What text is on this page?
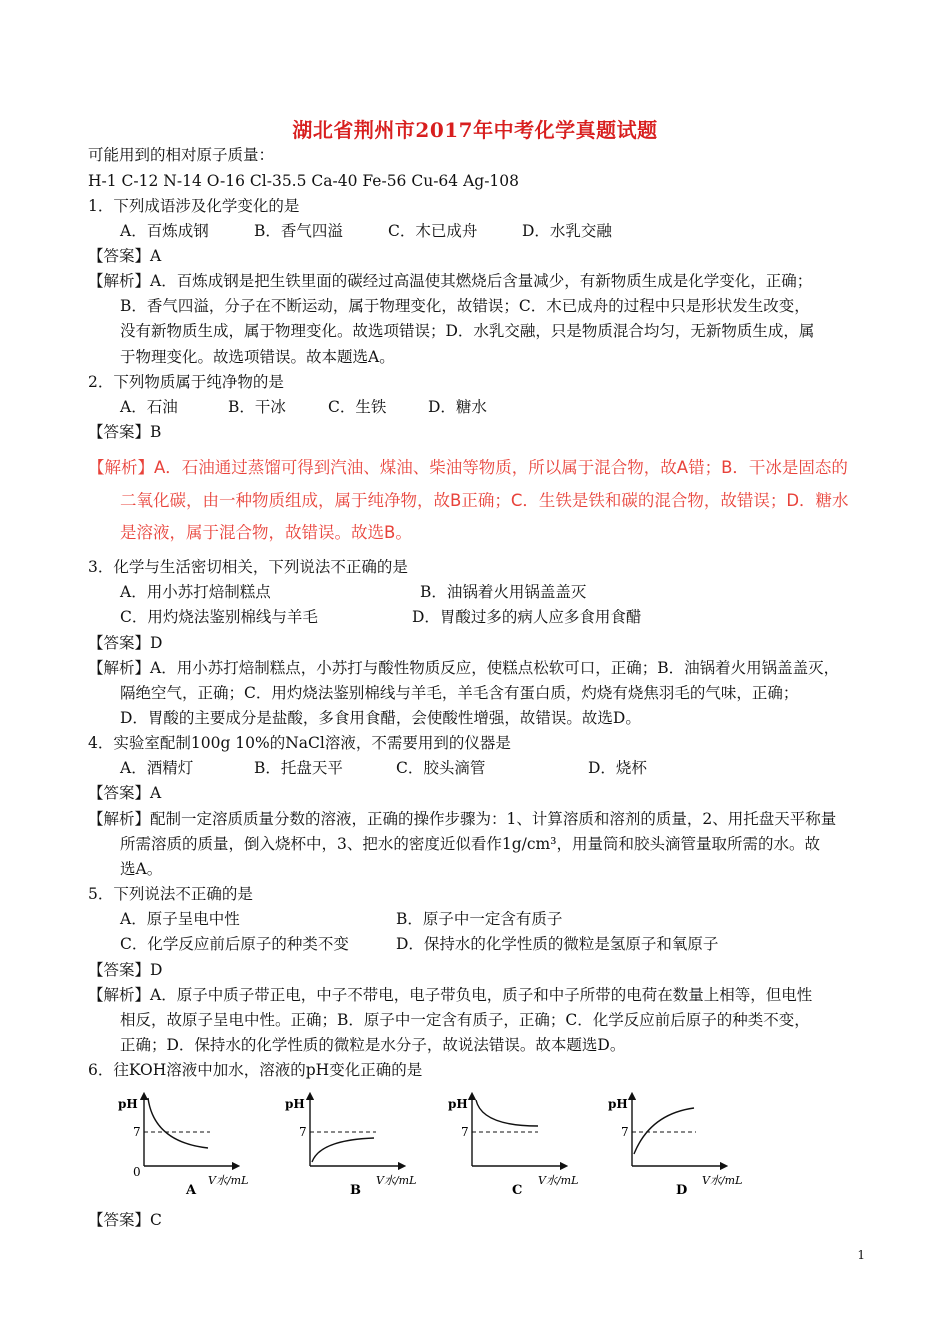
湖北省荆州市2017年中考化学真题试题
可能用到的相对原子质量：
H-1 C-12 N-14 O-16 Cl-35.5 Ca-40 Fe-56 Cu-64 Ag-108
1．下列成语涉及化学变化的是
A．百炼成钢	B．香气四溢	C．木已成舟	D．水乳交融
【答案】A
【解析】A．百炼成钢是把生铁里面的碳经过高温使其燃烧后含量减少，有新物质生成是化学变化，正确；
B．香气四溢，分子在不断运动，属于物理变化，故错误；C．木已成舟的过程中只是形状发生改变，
没有新物质生成，属于物理变化。故选项错误；D．水乳交融，只是物质混合均匀，无新物质生成，属
于物理变化。故选项错误。故本题选A。
2．下列物质属于纯净物的是
A．石油	B．干冰	C．生铁	D．糖水
【答案】B
【解析】A．石油通过蒸馏可得到汽油、煤油、柴油等物质，所以属于混合物，故A错；B．干冰是固态的
二氧化碳，由一种物质组成，属于纯净物，故B正确；C．生铁是铁和碳的混合物，故错误；D．糖水
是溶液，属于混合物，故错误。故选B。
3．化学与生活密切相关，下列说法不正确的是
A．用小苏打焙制糕点	B．油锅着火用锅盖盖灭
C．用灼烧法鉴别棉线与羊毛	D．胃酸过多的病人应多食用食醋
【答案】D
【解析】A．用小苏打焙制糕点，小苏打与酸性物质反应，使糕点松软可口，正确；B．油锅着火用锅盖盖灭，
隔绝空气，正确；C．用灼烧法鉴别棉线与羊毛，羊毛含有蛋白质，灼烧有烧焦羽毛的气味，正确；
D．胃酸的主要成分是盐酸，多食用食醋，会使酸性增强，故错误。故选D。
4．实验室配制100g 10%的NaCl溶液，不需要用到的仪器是
A．酒精灯	B．托盘天平	C．胶头滴管	D．烧杯
【答案】A
【解析】配制一定溶质质量分数的溶液，正确的操作步骤为：1、计算溶质和溶剂的质量，2、用托盘天平称量
所需溶质的质量，倒入烧杯中，3、把水的密度近似看作1g/cm³，用量筒和胶头滴管量取所需的水。故
选A。
5．下列说法不正确的是
A．原子呈电中性	B．原子中一定含有质子
C．化学反应前后原子的种类不变	D．保持水的化学性质的微粒是氢原子和氧原子
【答案】D
【解析】A．原子中质子带正电，中子不带电，电子带负电，质子和中子所带的电荷在数量上相等，但电性
相反，故原子呈电中性。正确；B．原子中一定含有质子，正确；C．化学反应前后原子的种类不变，
正确；D．保持水的化学性质的微粒是水分子，故说法错误。故本题选D。
6．往KOH溶液中加水，溶液的pH变化正确的是
pH
7
0
V水/mL
A
pH
7
V水/mL
B
pH
7
V水/mL
C
pH
7
V水/mL
D
【答案】C
1
